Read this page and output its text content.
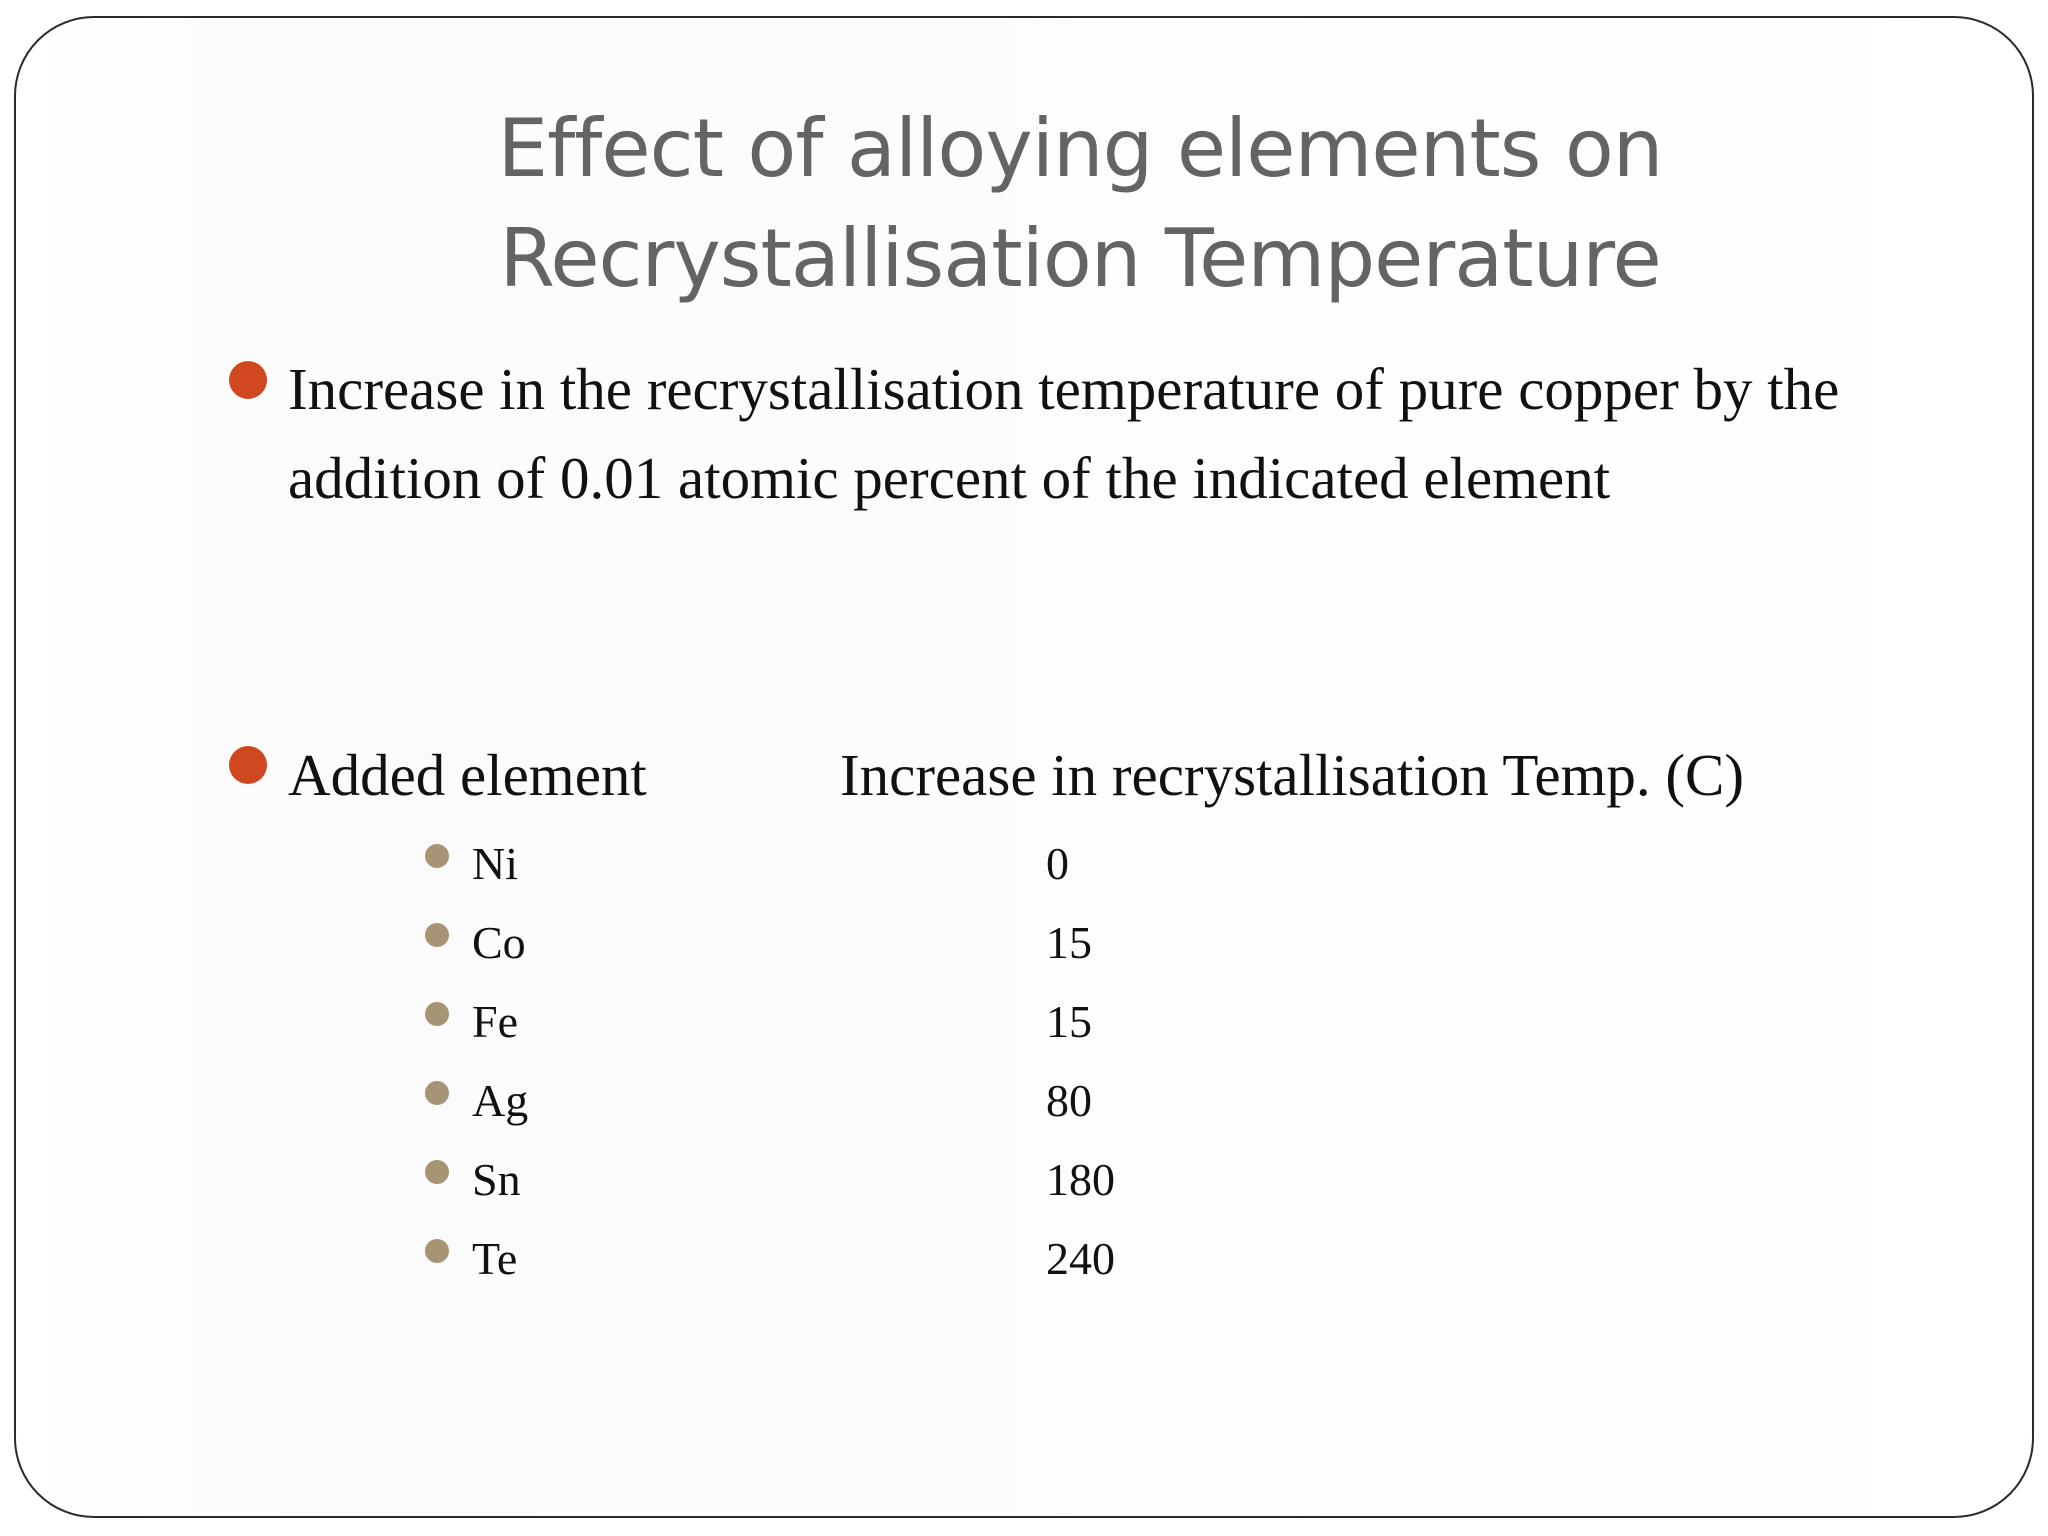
Effect of alloying elements on
Recrystallisation Temperature
Increase in the recrystallisation temperature of pure copper by the addition of 0.01 atomic percent of the indicated element
Added element	Increase in recrystallisation Temp. (C)
Ni	0
Co	15
Fe	15
Ag	80
Sn	180
Te	240
